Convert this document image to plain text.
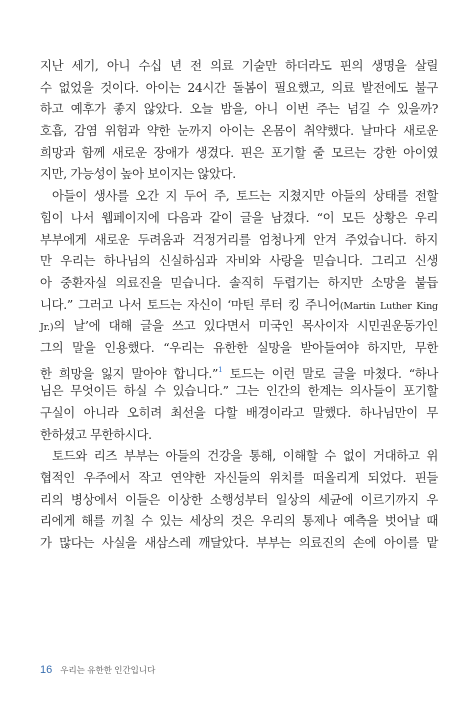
지난 세기, 아니 수십 년 전 의료 기술만 하더라도 핀의 생명을 살릴
수 없었을 것이다. 아이는 24시간 돌봄이 필요했고, 의료 발전에도 불구
하고 예후가 좋지 않았다. 오늘 밤을, 아니 이번 주는 넘길 수 있을까?
호흡, 감염 위험과 약한 눈까지 아이는 온몸이 취약했다. 날마다 새로운
희망과 함께 새로운 장애가 생겼다. 핀은 포기할 줄 모르는 강한 아이였
지만, 가능성이 높아 보이지는 않았다.
아들이 생사를 오간 지 두어 주, 토드는 지쳤지만 아들의 상태를 전할
힘이 나서 웹페이지에 다음과 같이 글을 남겼다. “이 모든 상황은 우리
부부에게 새로운 두려움과 걱정거리를 엄청나게 안겨 주었습니다. 하지
만 우리는 하나님의 신실하심과 자비와 사랑을 믿습니다. 그리고 신생
아 중환자실 의료진을 믿습니다. 솔직히 두렵기는 하지만 소망을 붙듭
니다.” 그러고 나서 토드는 자신이 ‘마틴 루터 킹 주니어(Martin Luther King
Jr.)의 날’에 대해 글을 쓰고 있다면서 미국인 목사이자 시민권운동가인
그의 말을 인용했다. “우리는 유한한 실망을 받아들여야 하지만, 무한
한 희망을 잃지 말아야 합니다.”$^1$ 토드는 이런 말로 글을 마쳤다. “하나
님은 무엇이든 하실 수 있습니다.” 그는 인간의 한계는 의사들이 포기할
구실이 아니라 오히려 최선을 다할 배경이라고 말했다. 하나님만이 무
한하셨고 무한하시다.
토드와 리즈 부부는 아들의 건강을 통해, 이해할 수 없이 거대하고 위
협적인 우주에서 작고 연약한 자신들의 위치를 떠올리게 되었다. 핀들
리의 병상에서 이들은 이상한 소행성부터 일상의 세균에 이르기까지 우
리에게 해를 끼칠 수 있는 세상의 것은 우리의 통제나 예측을 벗어날 때
가 많다는 사실을 새삼스레 깨달았다. 부부는 의료진의 손에 아이를 맡
16 우리는 유한한 인간입니다
